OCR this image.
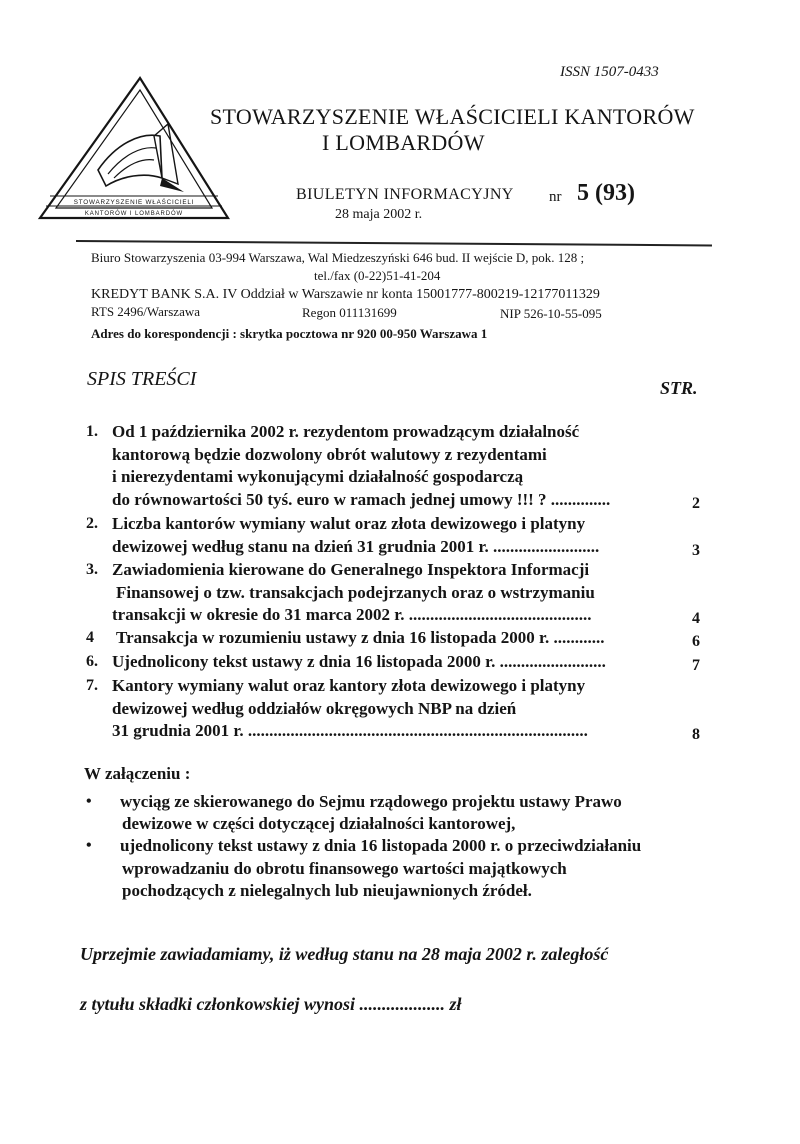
ISSN 1507-0433
STOWARZYSZENIE WŁAŚCICIELI
KANTORÓW I LOMBARDÓW
STOWARZYSZENIE WŁAŚCICIELI KANTORÓW
I LOMBARDÓW
BIULETYN INFORMACYJNY nr 5 (93)
28 maja 2002 r.
Biuro Stowarzyszenia 03-994 Warszawa, Wal Miedzeszyński 646 bud. II wejście D, pok. 128 ;
tel./fax (0-22)51-41-204
KREDYT BANK S.A. IV Oddział w Warszawie nr konta 15001777-800219-12177011329
RTS 2496/Warszawa	Regon 011131699	NIP 526-10-55-095
Adres do korespondencji : skrytka pocztowa nr 920 00-950 Warszawa 1
SPIS TREŚCI	STR.
1. Od 1 października 2002 r. rezydentom prowadzącym działalność
kantorową będzie dozwolony obrót walutowy z rezydentami
i nierezydentami wykonującymi działalność gospodarczą
do równowartości 50 tyś. euro w ramach jednej umowy !!! ? ..............	2
2. Liczba kantorów wymiany walut oraz złota dewizowego i platyny
dewizowej według stanu na dzień 31 grudnia 2001 r. .........................	3
3. Zawiadomienia kierowane do Generalnego Inspektora Informacji
Finansowej o tzw. transakcjach podejrzanych oraz o wstrzymaniu
transakcji w okresie do 31 marca 2002 r. ...........................................	4
4 Transakcja w rozumieniu ustawy z dnia 16 listopada 2000 r. ............	6
6. Ujednolicony tekst ustawy z dnia 16 listopada 2000 r. .........................	7
7. Kantory wymiany walut oraz kantory złota dewizowego i platyny
dewizowej według oddziałów okręgowych NBP na dzień
31 grudnia 2001 r. ................................................................................	8
W załączeniu :
• wyciąg ze skierowanego do Sejmu rządowego projektu ustawy Prawo
dewizowe w części dotyczącej działalności kantorowej,
• ujednolicony tekst ustawy z dnia 16 listopada 2000 r. o przeciwdziałaniu
wprowadzaniu do obrotu finansowego wartości majątkowych
pochodzących z nielegalnych lub nieujawnionych źródeł.
Uprzejmie zawiadamiamy, iż według stanu na 28 maja 2002 r. zaległość
z tytułu składki członkowskiej wynosi ................... zł
